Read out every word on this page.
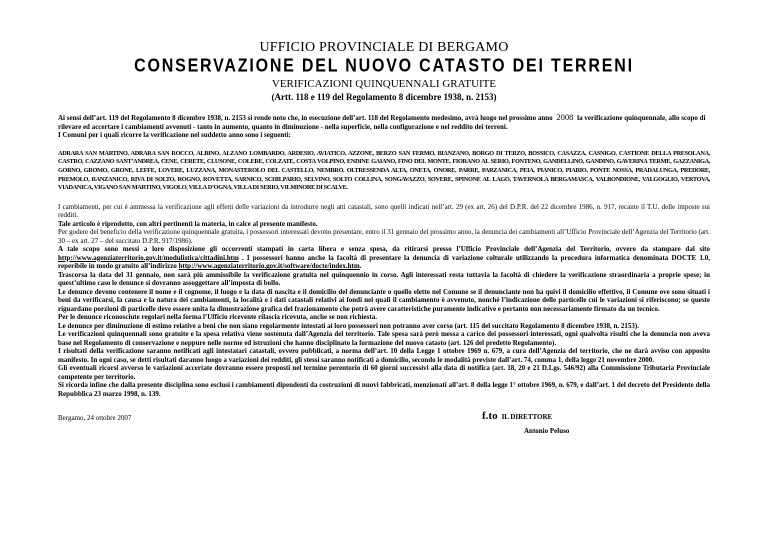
UFFICIO PROVINCIALE DI BERGAMO
CONSERVAZIONE DEL NUOVO CATASTO DEI TERRENI
VERIFICAZIONI QUINQUENNALI GRATUITE
(Artt. 118 e 119 del Regolamento 8 dicembre 1938, n. 2153)
Ai sensi dell’art. 119 del Regolamento 8 dicembre 1938, n. 2153 si rende noto che, in esecuzione dell’art. 118 del Regolamento medesimo, avrà luogo nel prossimo anno 2008 la verificazione quinquennale, allo scopo di rilevare ed accertare i cambiamenti avvenuti - tanto in aumento, quanto in diminuzione - nella superficie, nella configurazione e nel reddito dei terreni.
I Comuni per i quali ricorre la verificazione nel suddetto anno sono i seguenti:
ADRARA SAN MARTINO, ADRARA SAN ROCCO, ALBINO, ALZANO LOMBARDO, ARDESIO, AVIATICO, AZZONE, BERZO SAN FERMO, BIANZANO, BORGO DI TERZO, BOSSICO, CASAZZA, CASNIGO, CASTIONE DELLA PRESOLANA, CASTRO, CAZZANO SANT’ANDREA, CENE, CERETE, CLUSONE, COLERE, COLZATE, COSTA VOLPINO, ENDINE GAIANO, FINO DEL MONTE, FIORANO AL SERIO, FONTENO, GANDELLINO, GANDINO, GAVERINA TERME, GAZZANIGA, GORNO, GROMO, GRONE, LEFFE, LOVERE, LUZZANA, MONASTEROLO DEL CASTELLO, NEMBRO, OLTRESSENDA ALTA, ONETA, ONORE, PARRE, PARZANICA, PEIA, PIANICO, PIARIO, PONTE NOSSA, PRADALUNGA, PREDORE, PREMOLO, RANZANICO, RIVA DI SOLTO, ROGNO, ROVETTA, SARNICO, SCHILPARIO, SELVINO, SOLTO COLLINA, SONGAVAZZO, SOVERE, SPINONE AL LAGO, TAVERNOLA BERGAMASCA, VALBONDIONE, VALGOGLIO, VERTOVA, VIADANICA, VIGANO SAN MARTINO, VIGOLO, VILLA D’OGNA, VILLA DI SERIO, VILMINORE DI SCALVE.

I cambiamenti, per cui è ammessa la verificazione agli effetti delle variazioni da introdurre negli atti catastali, sono quelli indicati nell’art. 29 (ex art. 26) del D.P.R. del 22 dicembre 1986, n. 917, recante il T.U. delle imposte sui redditi.

Tale articolo è riprodotto, con altri pertinenti la materia, in calce al presente manifesto.

Per godere del beneficio della verificazione quinquennale gratuita, i possessori interessati devono presentare, entro il 31 gennaio del prossimo anno, la denuncia dei cambiamenti all’Ufficio Provinciale dell’Agenzia del Territorio (art. 30 – ex art. 27 – del succitato D.P.R. 917/1986).

A tale scopo sono messi a loro disposizione gli occorrenti stampati in carta libera e senza spesa, da ritirarsi presso l’Ufficio Provinciale dell’Agenzia del Territorio, ovvero da stampare dal sito http://www.agenziaterritorio.gov.it/modulistica/cittadini.htm . I possessori hanno anche la facoltà di presentare la denuncia di variazione colturale utilizzando la procedura informatica denominata DOCTE 1.0, reperibile in modo gratuito all’indirizzo http://www.agenziaterritorio.gov.it/software/docte/index.htm.

Trascorsa la data del 31 gennaio, non sarà più ammissibile la verificazione gratuita nel quinquennio in corso. Agli interessati resta tuttavia la facoltà di chiedere la verificazione straordinaria a proprie spese; in quest’ultimo caso le denunce si dovranno assoggettare all’imposta di bollo.

Le denunce devono contenere il nome e il cognome, il luogo e la data di nascita e il domicilio del denunciante o quello eletto nel Comune se il denunciante non ha quivi il domicilio effettivo, il Comune ove sono situati i beni da verificarsi, la causa e la natura dei cambiamenti, la località e i dati catastali relativi ai fondi nei quali il cambiamento è avvenuto, nonché l’indicazione delle particelle cui le variazioni si riferiscono; se queste riguardano porzioni di particelle deve essere unita la dimostrazione grafica del frazionamento che potrà avere caratteristiche puramente indicative e pertanto non necessariamente firmato da un tecnico.

Per le denunce riconosciute regolari nella forma l’Ufficio ricevente rilascia ricevuta, anche se non richiesta.

Le denunce per diminuzione di estimo relative a beni che non siano regolarmente intestati ai loro possessori non potranno aver corso (art. 115 del succitato Regolamento 8 dicembre 1938, n. 2153).

Le verificazioni quinquennali sono gratuite e la spesa relativa viene sostenuta dall’Agenzia del territorio. Tale spesa sarà però messa a carico dei possessori interessati, ogni qualvolta risulti che la denuncia non aveva base nel Regolamento di conservazione e neppure nelle norme ed istruzioni che hanno disciplinato la formazione del nuovo catasto (art. 126 del predetto Regolamento).

I risultati della verificazione saranno notificati agli intestatari catastali, ovvero pubblicati, a norma dell’art. 10 della Legge 1 ottobre 1969 n. 679, a cura dell’Agenzia del territorio, che ne darà avviso con apposito manifesto. In ogni caso, se detti risultati daranno luogo a variazioni dei redditi, gli stessi saranno notificati a domicilio, secondo le modalità previste dall’art. 74, comma 1, della legge 21 novembre 2000.

Gli eventuali ricorsi avverso le variazioni accertate dovranno essere proposti nel termine perentorio di 60 giorni successivi alla data di notifica (art. 18, 20 e 21 D.Lgs. 546/92) alla Commissione Tributaria Provinciale competente per territorio.

Si ricorda infine che dalla presente disciplina sono esclusi i cambiamenti dipendenti da costruzioni di nuovi fabbricati, menzionati all’art. 8 della legge 1° ottobre 1969, n. 679, e dall’art. 1 del decreto del Presidente della Repubblica 23 marzo 1998, n. 139.

Bergamo, 24 ottobre 2007	f.to IL DIRETTORE
Antonio Peluso
